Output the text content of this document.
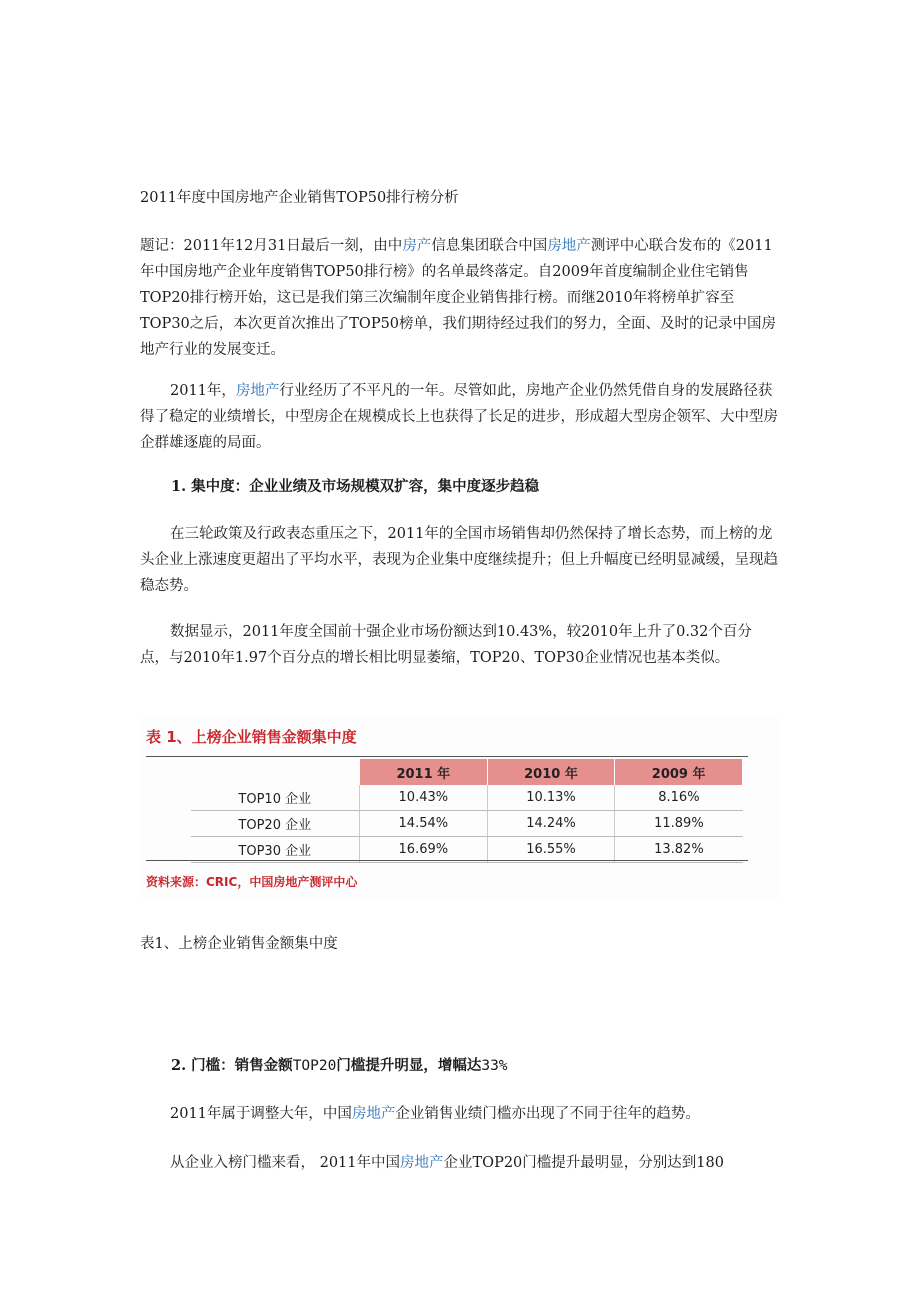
2011年度中国房地产企业销售TOP50排行榜分析

题记：2011年12月31日最后一刻，由中房产信息集团联合中国房地产测评中心联合发布的《2011年中国房地产企业年度销售TOP50排行榜》的名单最终落定。自2009年首度编制企业住宅销售TOP20排行榜开始，这已是我们第三次编制年度企业销售排行榜。而继2010年将榜单扩容至TOP30之后，本次更首次推出了TOP50榜单，我们期待经过我们的努力，全面、及时的记录中国房地产行业的发展变迁。

2011年，房地产行业经历了不平凡的一年。尽管如此，房地产企业仍然凭借自身的发展路径获得了稳定的业绩增长，中型房企在规模成长上也获得了长足的进步，形成超大型房企领军、大中型房企群雄逐鹿的局面。

1. 集中度：企业业绩及市场规模双扩容，集中度逐步趋稳

在三轮政策及行政表态重压之下，2011年的全国市场销售却仍然保持了增长态势，而上榜的龙头企业上涨速度更超出了平均水平，表现为企业集中度继续提升；但上升幅度已经明显减缓，呈现趋稳态势。

数据显示，2011年度全国前十强企业市场份额达到10.43%，较2010年上升了0.32个百分点，与2010年1.97个百分点的增长相比明显萎缩，TOP20、TOP30企业情况也基本类似。

表 1、上榜企业销售金额集中度
	2011 年	2010 年	2009 年
TOP10 企业	10.43%	10.13%	8.16%
TOP20 企业	14.54%	14.24%	11.89%
TOP30 企业	16.69%	16.55%	13.82%
资料来源：CRIC，中国房地产测评中心

表1、上榜企业销售金额集中度

2. 门槛：销售金额TOP20门槛提升明显，增幅达33%

2011年属于调整大年，中国房地产企业销售业绩门槛亦出现了不同于往年的趋势。

从企业入榜门槛来看， 2011年中国房地产企业TOP20门槛提升最明显，分别达到180
